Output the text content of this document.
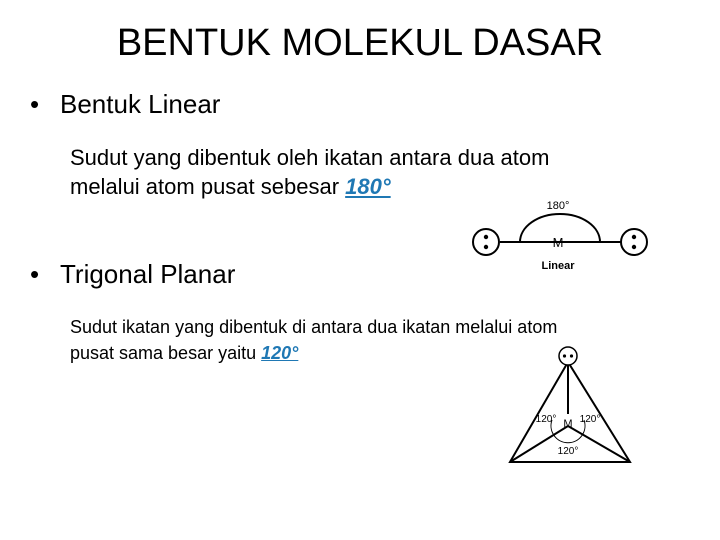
BENTUK MOLEKUL DASAR
• Bentuk Linear
Sudut yang dibentuk oleh ikatan antara dua atom
melalui atom pusat sebesar 180°
180°
M
Linear
• Trigonal Planar
Sudut ikatan yang dibentuk di antara dua ikatan melalui atom
pusat sama besar yaitu 120°
M
120° 120°
120°
